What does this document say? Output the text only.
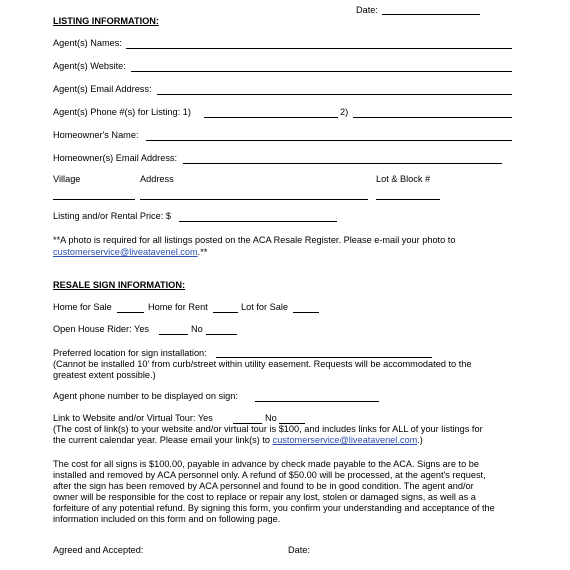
Date:
LISTING INFORMATION:
Agent(s) Names:
Agent(s) Website:
Agent(s) Email Address:
Agent(s) Phone #(s) for Listing: 1)	2)
Homeowner's Name:
Homeowner(s) Email Address:
Village	Address	Lot & Block #
Listing and/or Rental Price: $
**A photo is required for all listings posted on the ACA Resale Register. Please e-mail your photo to
customerservice@liveatavenel.com.**
RESALE SIGN INFORMATION:
Home for Sale	Home for Rent	Lot for Sale
Open House Rider: Yes	No
Preferred location for sign installation:
(Cannot be installed 10' from curb/street within utility easement. Requests will be accommodated to the
greatest extent possible.)
Agent phone number to be displayed on sign:
Link to Website and/or Virtual Tour: Yes	No
(The cost of link(s) to your website and/or virtual tour is $100, and includes links for ALL of your listings for
the current calendar year. Please email your link(s) to customerservice@liveatavenel.com.)
The cost for all signs is $100.00, payable in advance by check made payable to the ACA. Signs are to be
installed and removed by ACA personnel only. A refund of $50.00 will be processed, at the agent's request,
after the sign has been removed by ACA personnel and found to be in good condition. The agent and/or
owner will be responsible for the cost to replace or repair any lost, stolen or damaged signs, as well as a
forfeiture of any potential refund. By signing this form, you confirm your understanding and acceptance of the
information included on this form and on following page.
Agreed and Accepted:	Date:
